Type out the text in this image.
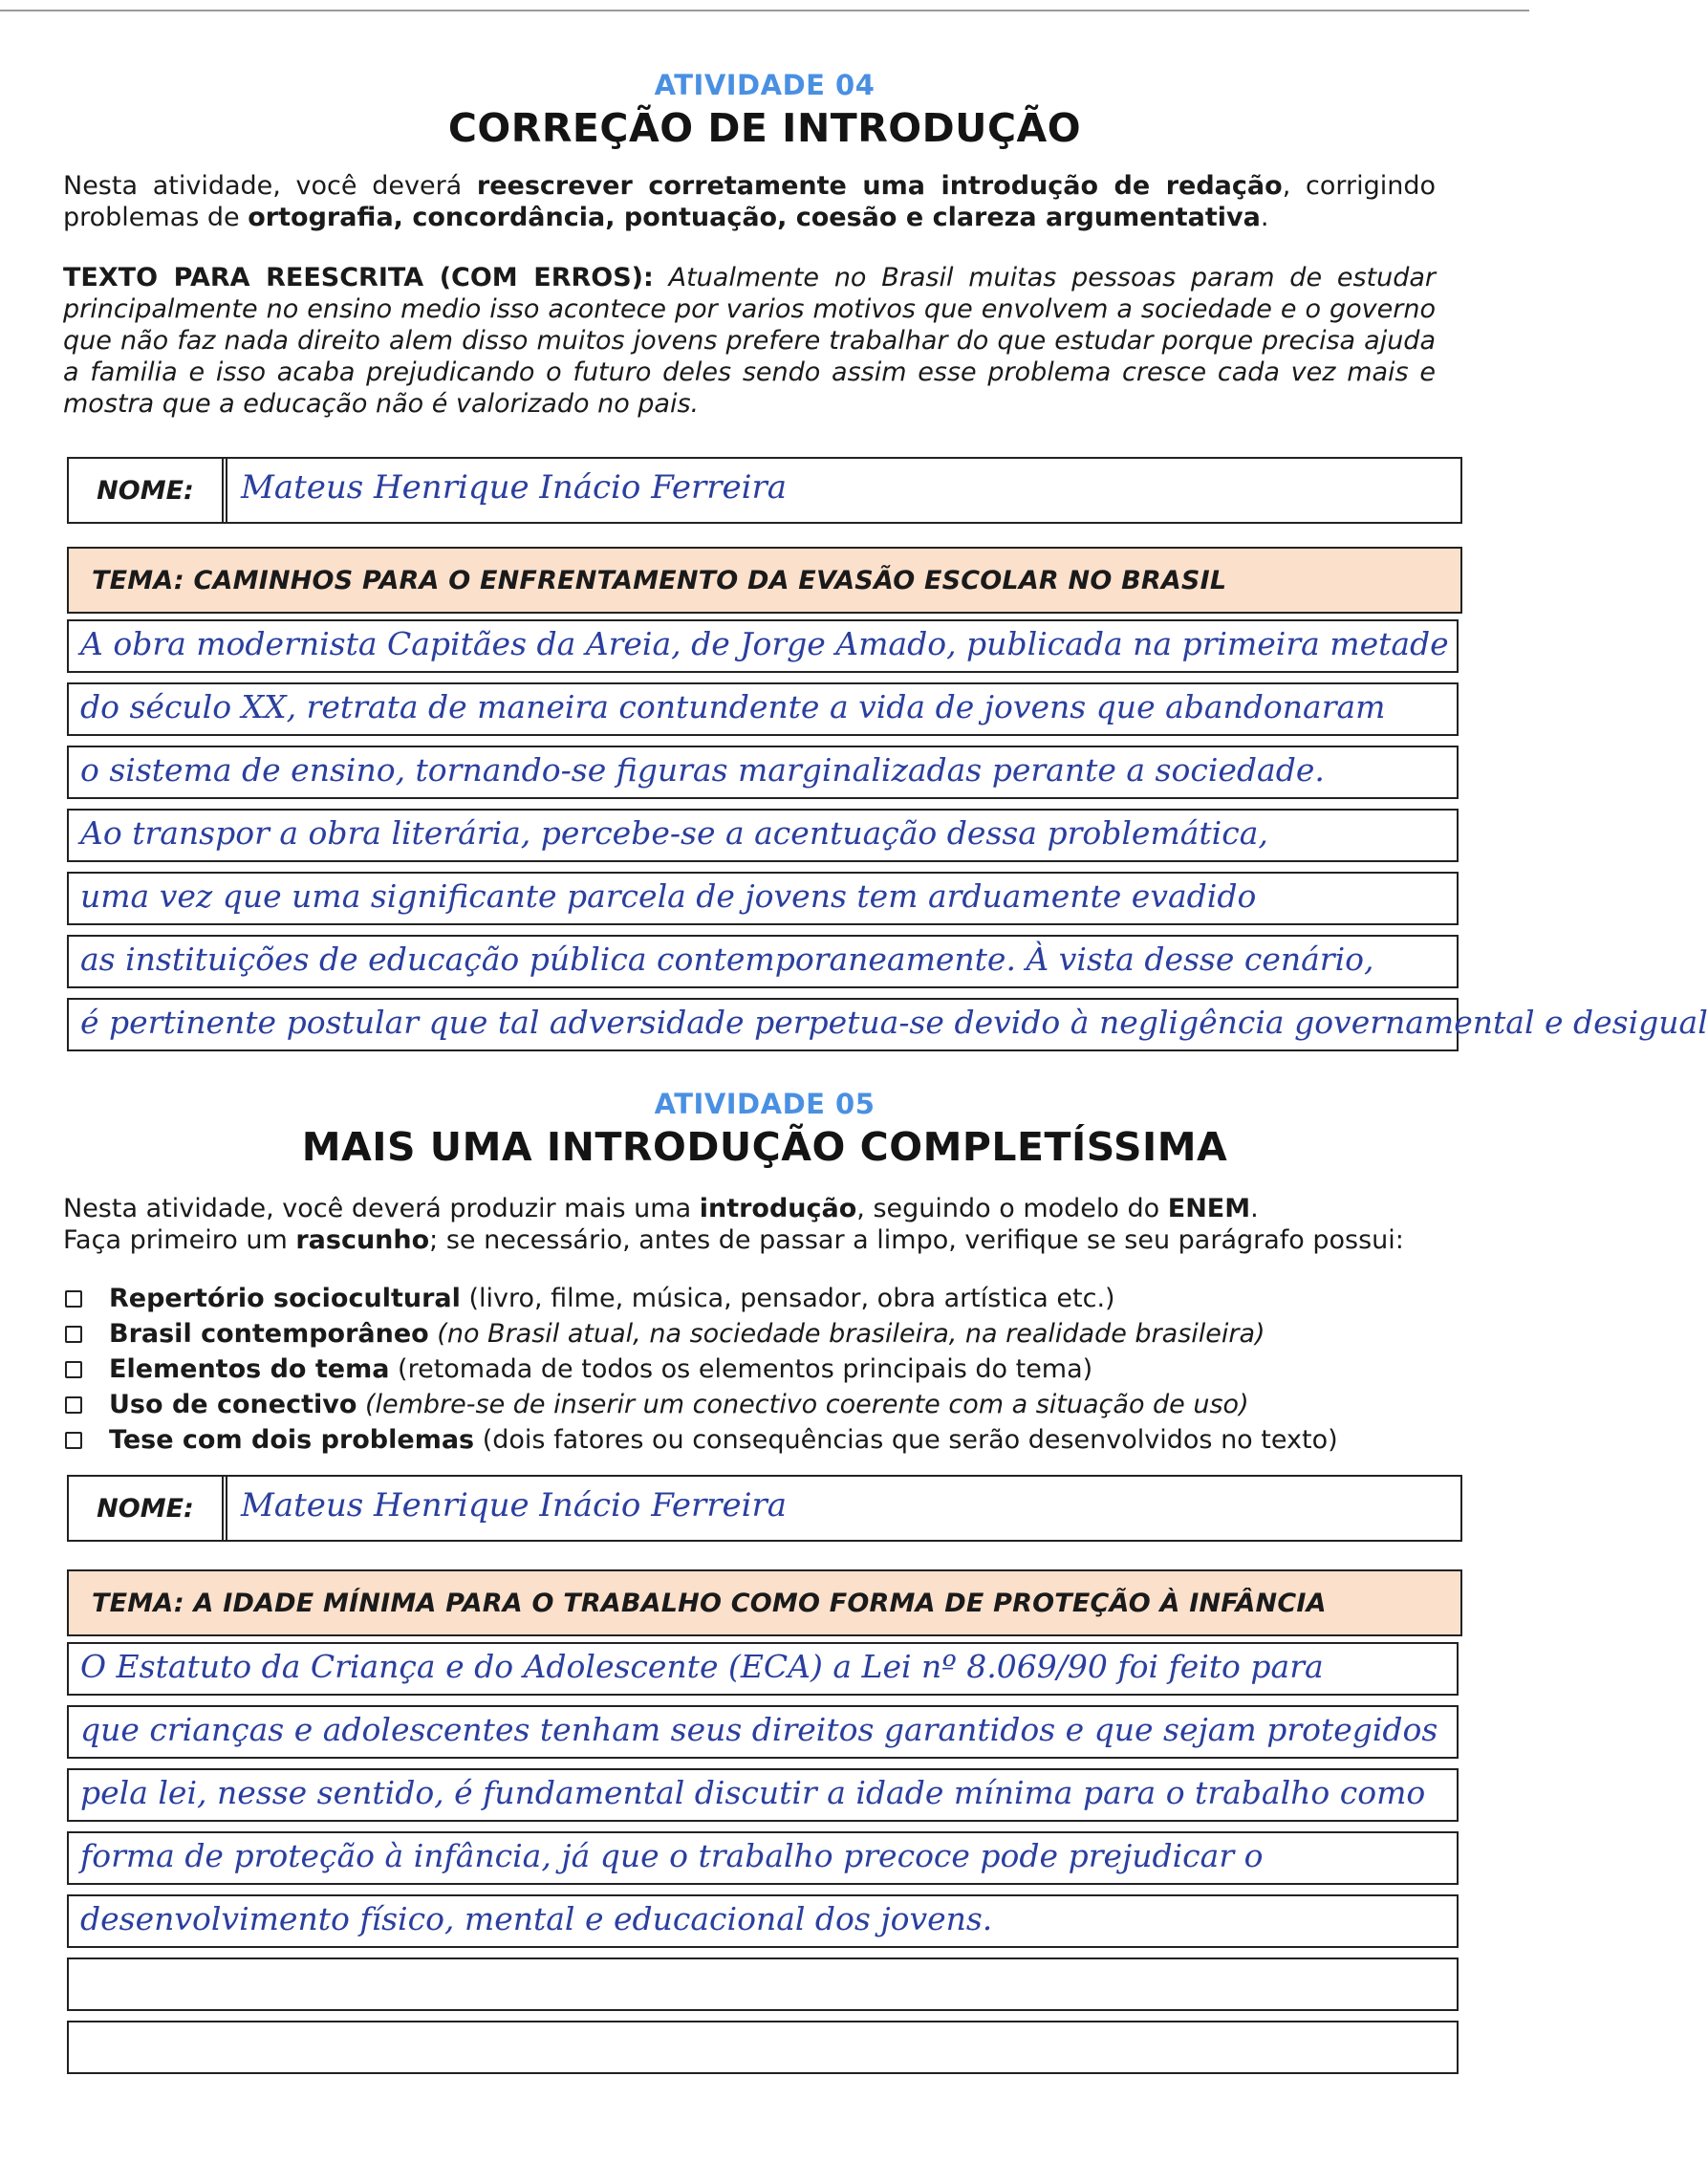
ATIVIDADE 04
CORREÇÃO DE INTRODUÇÃO
Nesta atividade, você deverá reescrever corretamente uma introdução de redação, corrigindo problemas de ortografia, concordância, pontuação, coesão e clareza argumentativa.
TEXTO PARA REESCRITA (COM ERROS): Atualmente no Brasil muitas pessoas param de estudar principalmente no ensino medio isso acontece por varios motivos que envolvem a sociedade e o governo que não faz nada direito alem disso muitos jovens prefere trabalhar do que estudar porque precisa ajuda a familia e isso acaba prejudicando o futuro deles sendo assim esse problema cresce cada vez mais e mostra que a educação não é valorizado no pais.
NOME:	Mateus Henrique Inácio Ferreira
TEMA: CAMINHOS PARA O ENFRENTAMENTO DA EVASÃO ESCOLAR NO BRASIL
A obra modernista Capitães da Areia, de Jorge Amado, publicada na primeira metade
do século XX, retrata de maneira contundente a vida de jovens que abandonaram
o sistema de ensino, tornando-se figuras marginalizadas perante a sociedade.
Ao transpor a obra literária, percebe-se a acentuação dessa problemática,
uma vez que uma significante parcela de jovens tem arduamente evadido
as instituições de educação pública contemporaneamente. À vista desse cenário,
é pertinente postular que tal adversidade perpetua-se devido à negligência governamental e desigual
ATIVIDADE 05
MAIS UMA INTRODUÇÃO COMPLETÍSSIMA
Nesta atividade, você deverá produzir mais uma introdução, seguindo o modelo do ENEM.
Faça primeiro um rascunho; se necessário, antes de passar a limpo, verifique se seu parágrafo possui:
Repertório sociocultural (livro, filme, música, pensador, obra artística etc.)
Brasil contemporâneo (no Brasil atual, na sociedade brasileira, na realidade brasileira)
Elementos do tema (retomada de todos os elementos principais do tema)
Uso de conectivo (lembre-se de inserir um conectivo coerente com a situação de uso)
Tese com dois problemas (dois fatores ou consequências que serão desenvolvidos no texto)
NOME:	Mateus Henrique Inácio Ferreira
TEMA: A IDADE MÍNIMA PARA O TRABALHO COMO FORMA DE PROTEÇÃO À INFÂNCIA
O Estatuto da Criança e do Adolescente (ECA) a Lei nº 8.069/90 foi feito para
que crianças e adolescentes tenham seus direitos garantidos e que sejam protegidos
pela lei, nesse sentido, é fundamental discutir a idade mínima para o trabalho como
forma de proteção à infância, já que o trabalho precoce pode prejudicar o
desenvolvimento físico, mental e educacional dos jovens.
